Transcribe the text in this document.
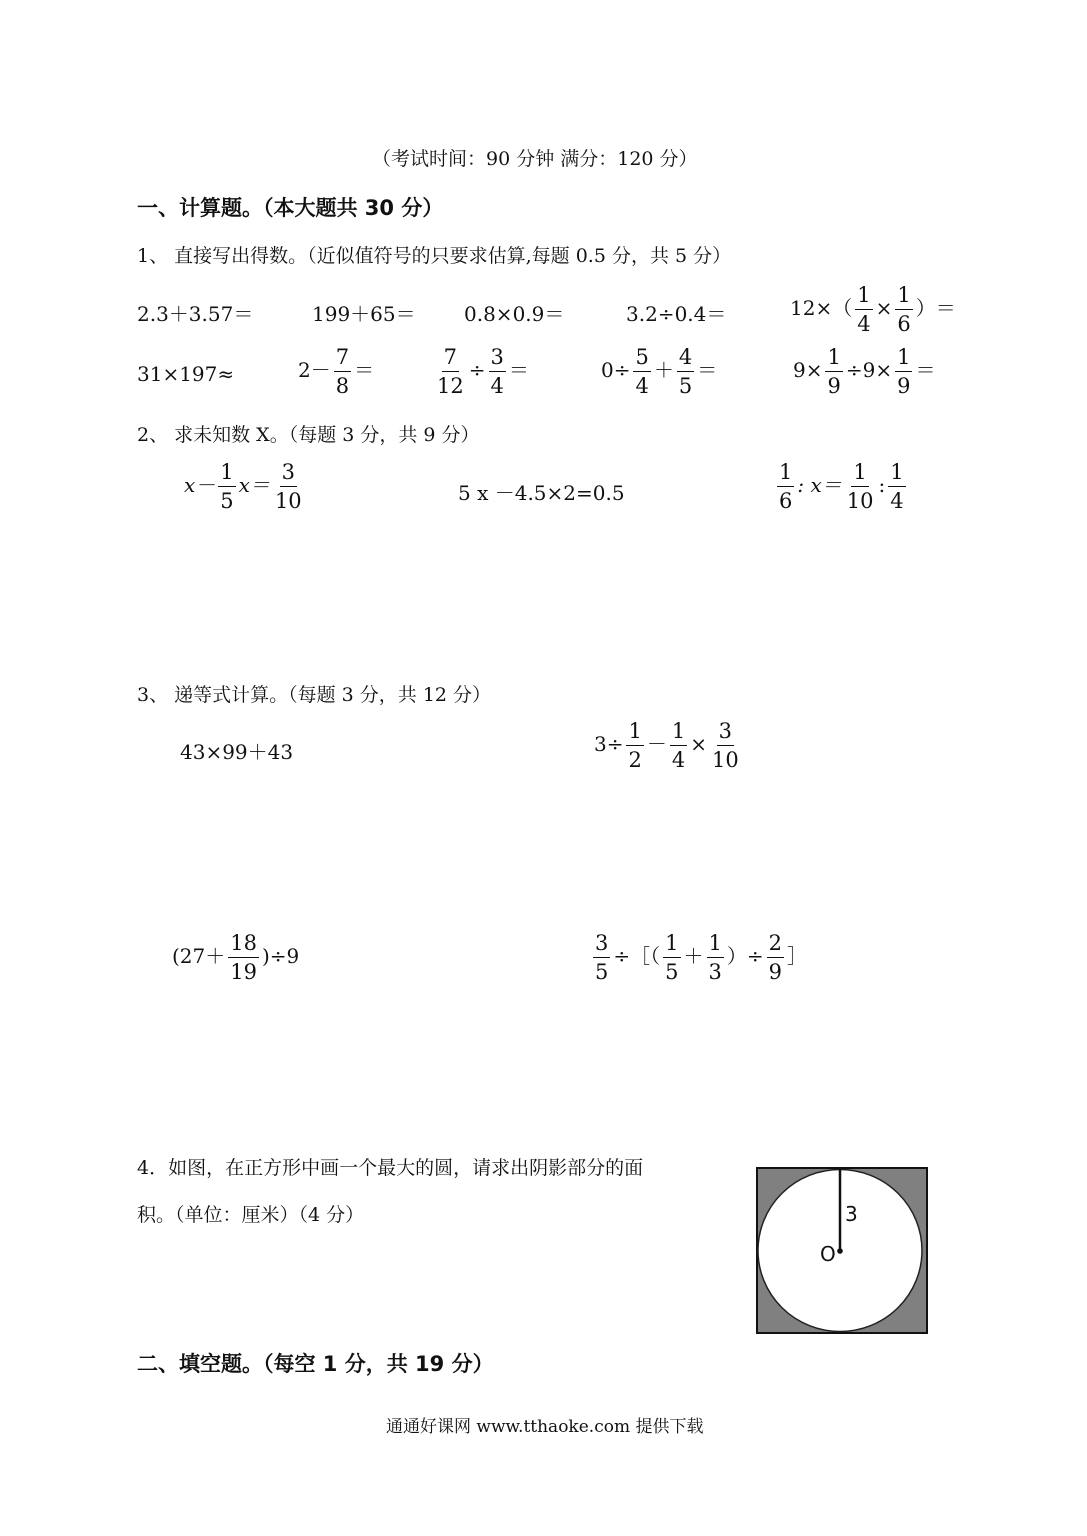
（考试时间：90 分钟 满分：120 分）
一、计算题。（本大题共 30 分）
1、 直接写出得数。（近似值符号的只要求估算,每题 0.5 分，共 5 分）
2.3＋3.57＝	199＋65＝ 0.8×0.9＝	3.2÷0.4＝	$12\times( \frac{1}{4} \times \frac{1}{6}$ ）＝
31×197≈	$2- \frac{7}{8}$ ＝	$\frac{7}{12} \div \frac{3}{4}$ ＝	$0\div \frac{5}{4} + \frac{4}{5}$ ＝	$9\times \frac{1}{9} \div 9\times \frac{1}{9}$ ＝
2、 求未知数 X。（每题 3 分，共 9 分）
$x- \frac{1}{5} x= \frac{3}{10}$	5 x －4.5×2=0.5	$\frac{1}{6}$ : $x= \frac{1}{10}$ : $\frac{1}{4}$
3、 递等式计算。（每题 3 分，共 12 分）
43×99＋43	$3\div \frac{1}{2} - \frac{1}{4} \times \frac{3}{10}$
$(27+ \frac{18}{19} )\div 9$	$\frac{3}{5}$ ÷［（ $\frac{1}{5} + \frac{1}{3}$ ）÷ $\frac{2}{9}$ ］
4．如图，在正方形中画一个最大的圆，请求出阴影部分的面
积。（单位：厘米）（4 分）	3
O
二、填空题。（每空 1 分，共 19 分）
通通好课网 www.tthaoke.com 提供下载
